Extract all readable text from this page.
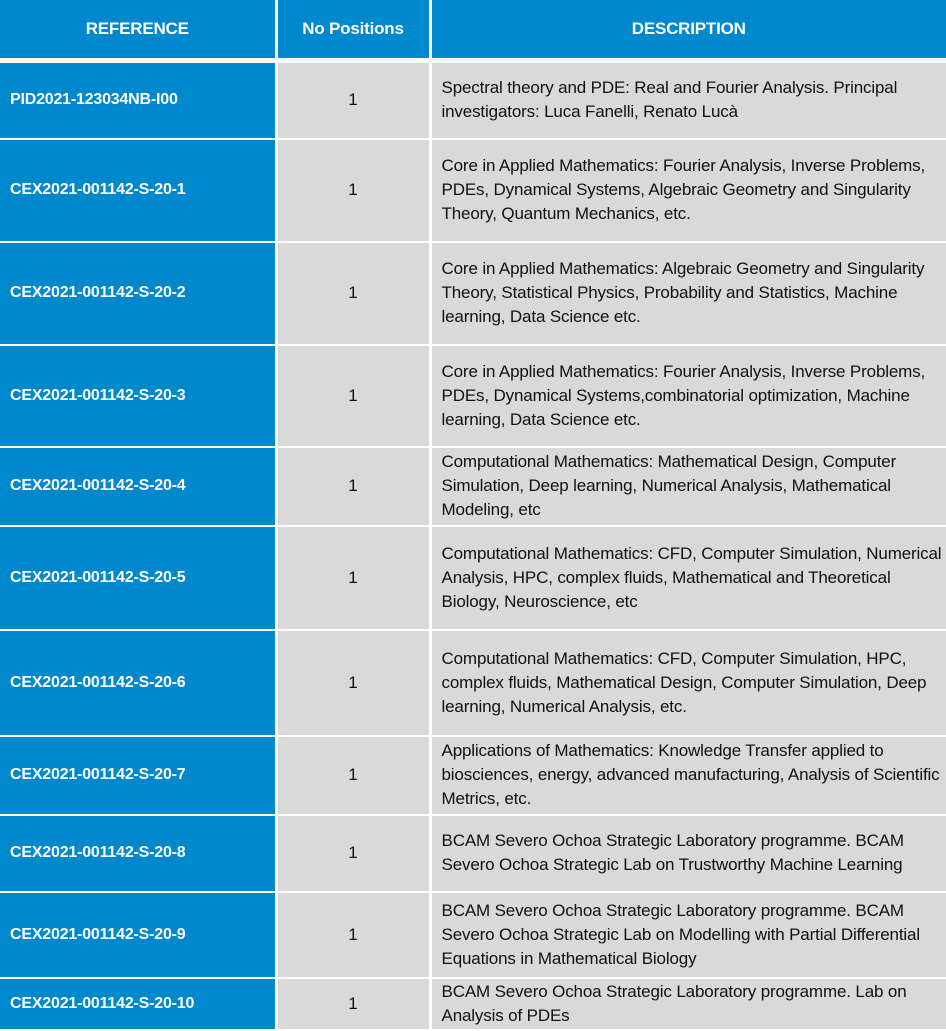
REFERENCE	No Positions	DESCRIPTION
PID2021-123034NB-I00	1	Spectral theory and PDE: Real and Fourier Analysis. Principal investigators: Luca Fanelli, Renato Lucà
CEX2021-001142-S-20-1	1	Core in Applied Mathematics: Fourier Analysis, Inverse Problems, PDEs, Dynamical Systems, Algebraic Geometry and Singularity Theory, Quantum Mechanics, etc.
CEX2021-001142-S-20-2	1	Core in Applied Mathematics: Algebraic Geometry and Singularity Theory, Statistical Physics, Probability and Statistics, Machine learning, Data Science etc.
CEX2021-001142-S-20-3	1	Core in Applied Mathematics: Fourier Analysis, Inverse Problems, PDEs, Dynamical Systems,combinatorial optimization, Machine learning, Data Science etc.
CEX2021-001142-S-20-4	1	Computational Mathematics: Mathematical Design, Computer Simulation, Deep learning, Numerical Analysis, Mathematical Modeling, etc
CEX2021-001142-S-20-5	1	Computational Mathematics: CFD, Computer Simulation, Numerical Analysis, HPC, complex fluids, Mathematical and Theoretical Biology, Neuroscience, etc
CEX2021-001142-S-20-6	1	Computational Mathematics: CFD, Computer Simulation, HPC, complex fluids, Mathematical Design, Computer Simulation, Deep learning, Numerical Analysis, etc.
CEX2021-001142-S-20-7	1	Applications of Mathematics: Knowledge Transfer applied to biosciences, energy, advanced manufacturing, Analysis of Scientific Metrics, etc.
CEX2021-001142-S-20-8	1	BCAM Severo Ochoa Strategic Laboratory programme. BCAM Severo Ochoa Strategic Lab on Trustworthy Machine Learning
CEX2021-001142-S-20-9	1	BCAM Severo Ochoa Strategic Laboratory programme. BCAM Severo Ochoa Strategic Lab on Modelling with Partial Differential Equations in Mathematical Biology
CEX2021-001142-S-20-10	1	BCAM Severo Ochoa Strategic Laboratory programme. Lab on Analysis of PDEs
